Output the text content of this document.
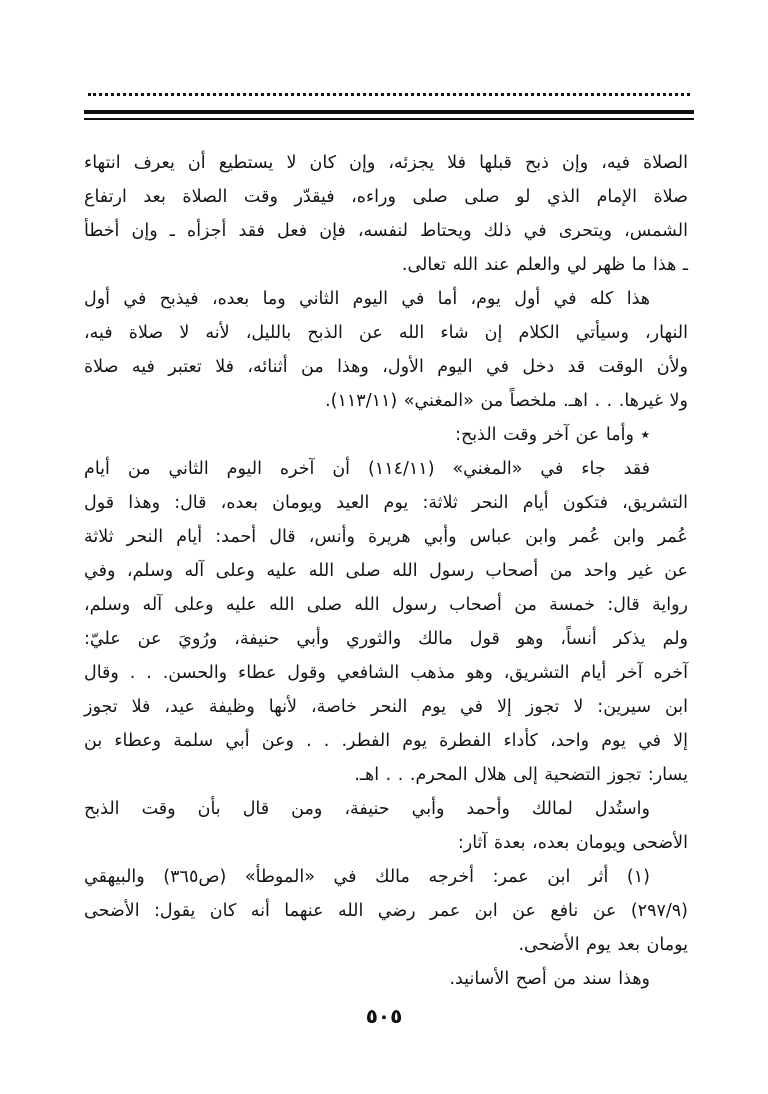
الصلاة فيه، وإن ذبح قبلها فلا يجزئه، وإن كان لا يستطيع أن يعرف انتهاء
صلاة الإمام الذي لو صلى صلى وراءه، فيقدّر وقت الصلاة بعد ارتفاع
الشمس، ويتحرى في ذلك ويحتاط لنفسه، فإن فعل فقد أجزأه ـ وإن أخطأ
ـ هذا ما ظهر لي والعلم عند الله تعالى.
هذا كله في أول يوم، أما في اليوم الثاني وما بعده، فيذبح في أول
النهار، وسيأتي الكلام إن شاء الله عن الذبح بالليل، لأنه لا صلاة فيه،
ولأن الوقت قد دخل في اليوم الأول، وهذا من أثنائه، فلا تعتبر فيه صلاة
ولا غيرها. . . اهـ. ملخصاً من «المغني» (١١٣/١١).
٭ وأما عن آخر وقت الذبح:
فقد جاء في «المغني» (١١٤/١١) أن آخره اليوم الثاني من أيام
التشريق، فتكون أيام النحر ثلاثة: يوم العيد ويومان بعده، قال: وهذا قول
عُمر وابن عُمر وابن عباس وأبي هريرة وأنس، قال أحمد: أيام النحر ثلاثة
عن غير واحد من أصحاب رسول الله صلى الله عليه وعلى آله وسلم، وفي
رواية قال: خمسة من أصحاب رسول الله صلى الله عليه وعلى آله وسلم،
ولم يذكر أنساً، وهو قول مالك والثوري وأبي حنيفة، ورُويَ عن عليّ:
آخره آخر أيام التشريق، وهو مذهب الشافعي وقول عطاء والحسن. . . وقال
ابن سيرين: لا تجوز إلا في يوم النحر خاصة، لأنها وظيفة عيد، فلا تجوز
إلا في يوم واحد، كأداء الفطرة يوم الفطر. . . وعن أبي سلمة وعطاء بن
يسار: تجوز التضحية إلى هلال المحرم. . . اهـ.
واستُدل لمالك وأحمد وأبي حنيفة، ومن قال بأن وقت الذبح
الأضحى ويومان بعده، بعدة آثار:
(١) أثر ابن عمر: أخرجه مالك في «الموطأ» (ص٣٦٥) والبيهقي
(٢٩٧/٩) عن نافع عن ابن عمر رضي الله عنهما أنه كان يقول: الأضحى
يومان بعد يوم الأضحى.
وهذا سند من أصح الأسانيد.
٥٠٥
